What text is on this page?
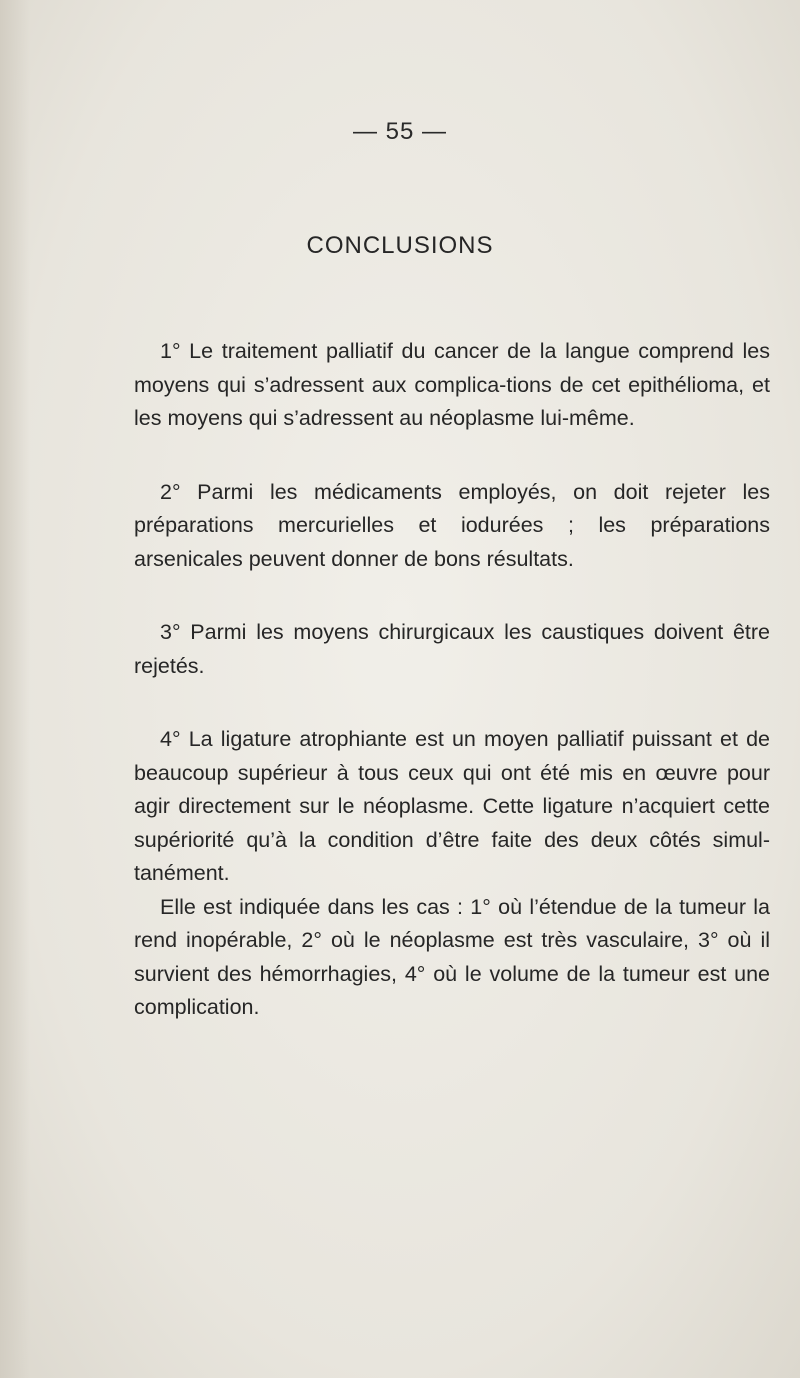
— 55 —
CONCLUSIONS

1° Le traitement palliatif du cancer de la langue comprend les moyens qui s’adressent aux complica-tions de cet epithélioma, et les moyens qui s’adressent au néoplasme lui-même.

2° Parmi les médicaments employés, on doit rejeter les préparations mercurielles et iodurées ; les préparations arsenicales peuvent donner de bons résultats.

3° Parmi les moyens chirurgicaux les caustiques doivent être rejetés.

4° La ligature atrophiante est un moyen palliatif puissant et de beaucoup supérieur à tous ceux qui ont été mis en œuvre pour agir directement sur le néoplasme. Cette ligature n’acquiert cette supériorité qu’à la condition d’être faite des deux côtés simul-tanément.

Elle est indiquée dans les cas : 1° où l’étendue de la tumeur la rend inopérable, 2° où le néoplasme est très vasculaire, 3° où il survient des hémorrhagies, 4° où le volume de la tumeur est une complication.
